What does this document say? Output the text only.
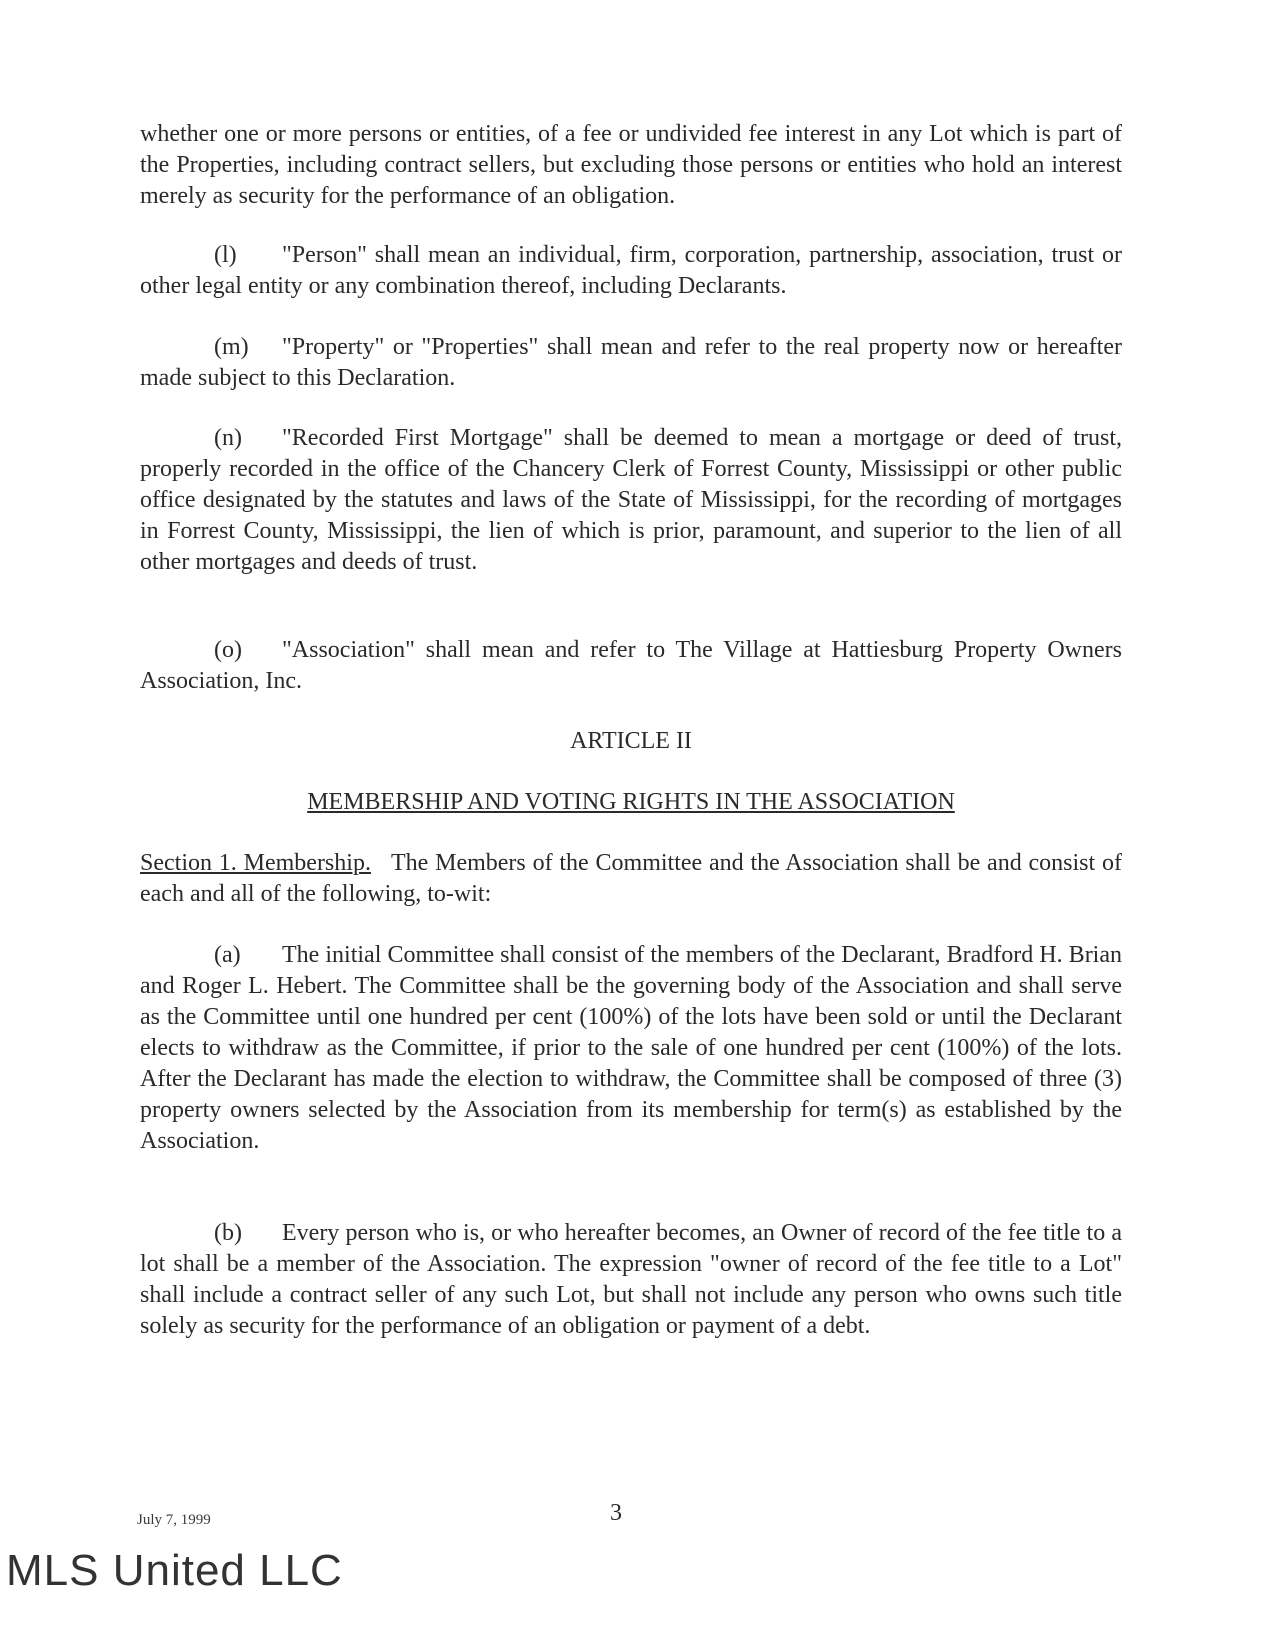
whether one or more persons or entities, of a fee or undivided fee interest in any Lot which is part of the Properties, including contract sellers, but excluding those persons or entities who hold an interest merely as security for the performance of an obligation.

(l) "Person" shall mean an individual, firm, corporation, partnership, association, trust or other legal entity or any combination thereof, including Declarants.

(m) "Property" or "Properties" shall mean and refer to the real property now or hereafter made subject to this Declaration.

(n) "Recorded First Mortgage" shall be deemed to mean a mortgage or deed of trust, properly recorded in the office of the Chancery Clerk of Forrest County, Mississippi or other public office designated by the statutes and laws of the State of Mississippi, for the recording of mortgages in Forrest County, Mississippi, the lien of which is prior, paramount, and superior to the lien of all other mortgages and deeds of trust.

(o) "Association" shall mean and refer to The Village at Hattiesburg Property Owners Association, Inc.

ARTICLE II

MEMBERSHIP AND VOTING RIGHTS IN THE ASSOCIATION

Section 1. Membership. The Members of the Committee and the Association shall be and consist of each and all of the following, to-wit:

(a) The initial Committee shall consist of the members of the Declarant, Bradford H. Brian and Roger L. Hebert. The Committee shall be the governing body of the Association and shall serve as the Committee until one hundred per cent (100%) of the lots have been sold or until the Declarant elects to withdraw as the Committee, if prior to the sale of one hundred per cent (100%) of the lots. After the Declarant has made the election to withdraw, the Committee shall be composed of three (3) property owners selected by the Association from its membership for term(s) as established by the Association.

(b) Every person who is, or who hereafter becomes, an Owner of record of the fee title to a lot shall be a member of the Association. The expression "owner of record of the fee title to a Lot" shall include a contract seller of any such Lot, but shall not include any person who owns such title solely as security for the performance of an obligation or payment of a debt.

July 7, 1999	3
MLS United LLC
